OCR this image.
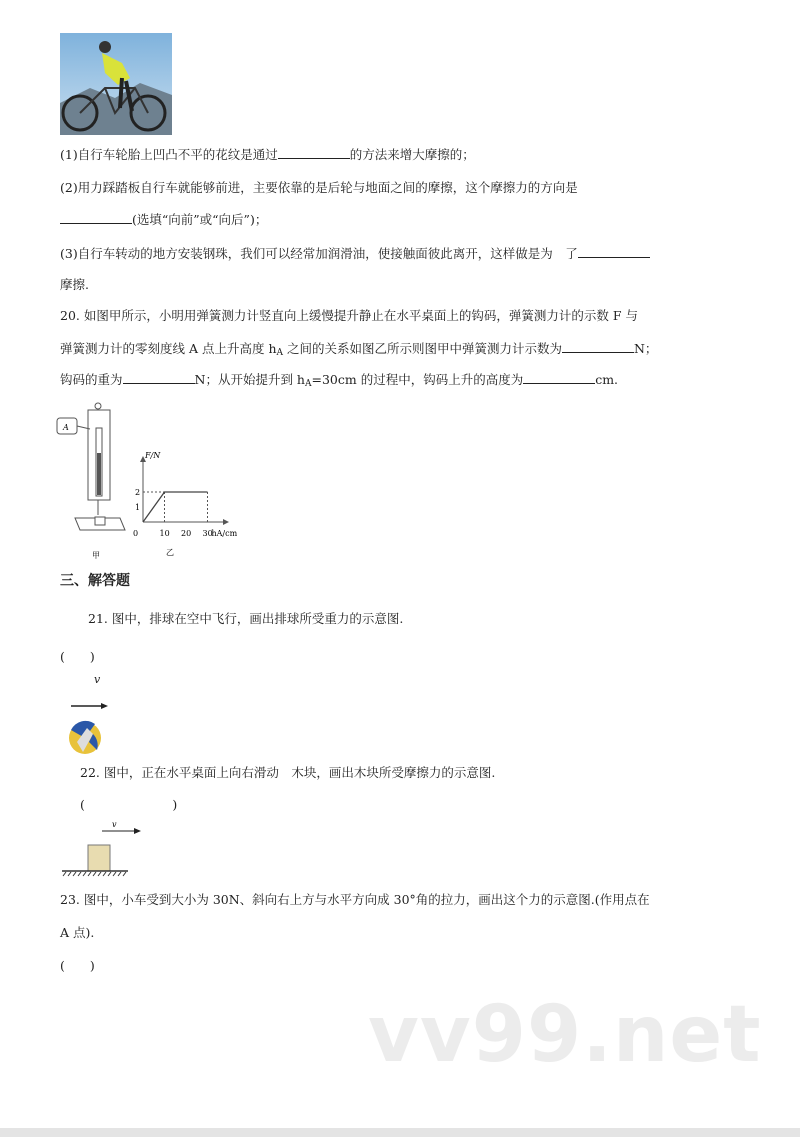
(1)自行车轮胎上凹凸不平的花纹是通过	的方法来增大摩擦的；
(2)用力踩踏板自行车就能够前进，主要依靠的是后轮与地面之间的摩擦，这个摩擦力的方向是
(选填“向前”或“向后”)；
(3)自行车转动的地方安装钢珠，我们可以经常加润滑油，使接触面彼此离开，这样做是为　了
摩擦.
20. 如图甲所示，小明用弹簧测力计竖直向上缓慢提升静止在水平桌面上的钩码，弹簧测力计的示数 F 与
弹簧测力计的零刻度线 A 点上升高度 $h_A$ 之间的关系如图乙所示则图甲中弹簧测力计示数为	N；
钩码的重为	N；从开始提升到 $h_A=30cm$ 的过程中，钩码上升的高度为	cm.
A
甲	乙
F/N
hA/cm
0	10 20 30
1
2
三、解答题
21. 图中，排球在空中飞行，画出排球所受重力的示意图.
(　　)
v
22. 图中，正在水平桌面上向右滑动　木块，画出木块所受摩擦力的示意图.
(　　　　　　　)
v
23. 图中，小车受到大小为 30N、斜向右上方与水平方向成 30°角的拉力，画出这个力的示意图.(作用点在
A 点).
(　　)
vv99.net
